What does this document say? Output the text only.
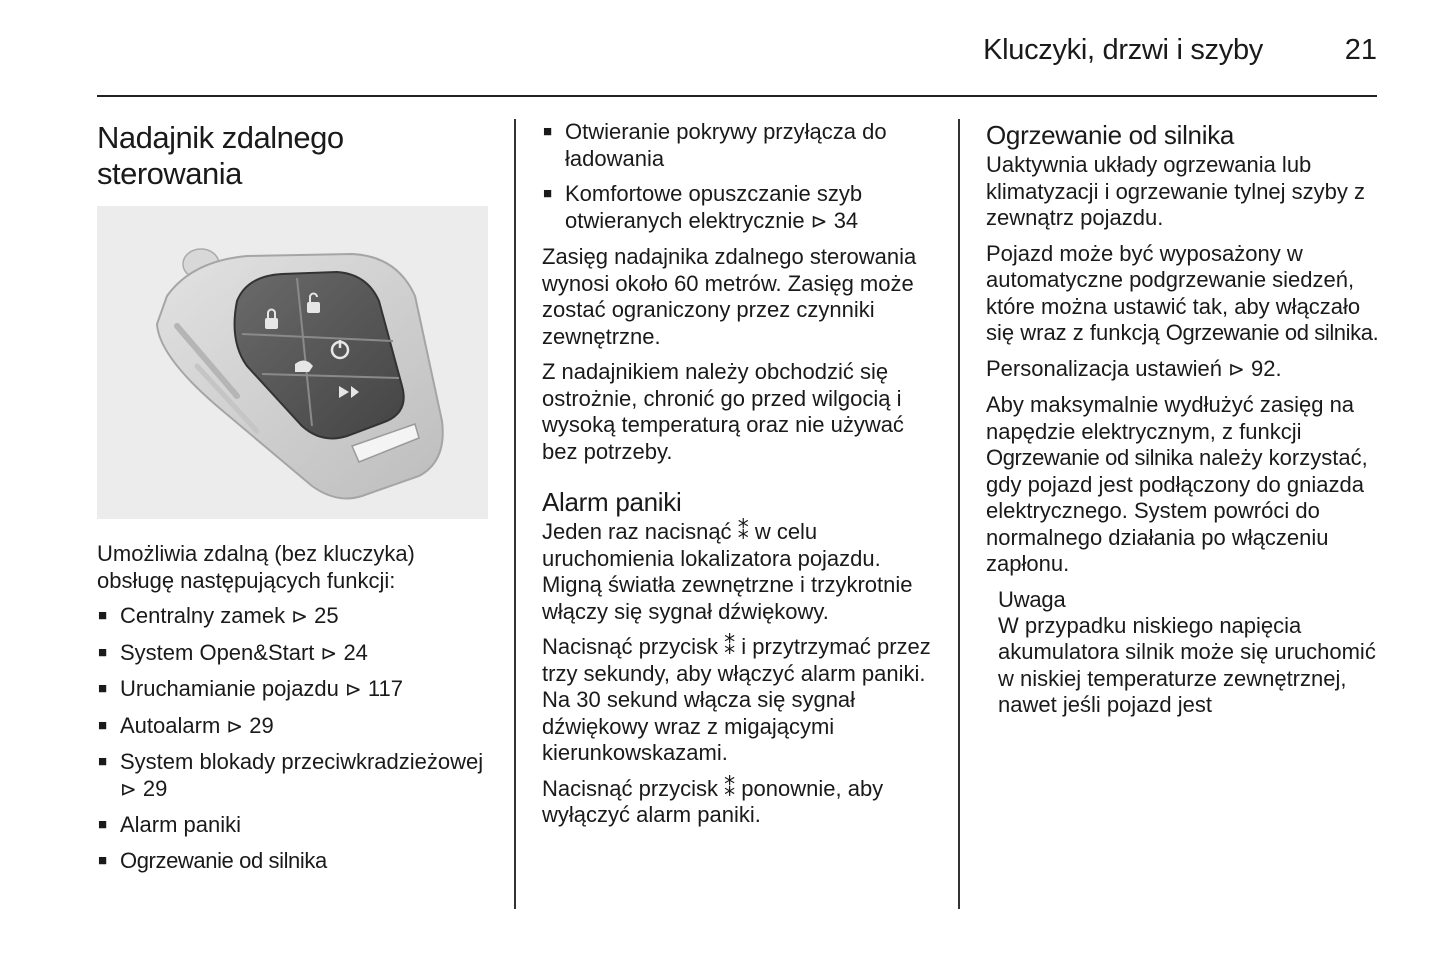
Kluczyki, drzwi i szyby	21
Nadajnik zdalnego
sterowania

Umożliwia zdalną (bez kluczyka) obsługę następujących funkcji:

■ Centralny zamek ⊳ 25
■ System Open&Start ⊳ 24
■ Uruchamianie pojazdu ⊳ 117
■ Autoalarm ⊳ 29
■ System blokady przeciwkradzieżowej ⊳ 29
■ Alarm paniki
■ Ogrzewanie od silnika
■ Otwieranie pokrywy przyłącza do ładowania
■ Komfortowe opuszczanie szyb otwieranych elektrycznie ⊳ 34

Zasięg nadajnika zdalnego sterowania wynosi około 60 metrów. Zasięg może zostać ograniczony przez czynniki zewnętrzne.

Z nadajnikiem należy obchodzić się ostrożnie, chronić go przed wilgocią i wysoką temperaturą oraz nie używać bez potrzeby.

Alarm paniki

Jeden raz nacisnąć ⁑ w celu uruchomienia lokalizatora pojazdu. Migną światła zewnętrzne i trzykrotnie włączy się sygnał dźwiękowy.

Nacisnąć przycisk ⁑ i przytrzymać przez trzy sekundy, aby włączyć alarm paniki. Na 30 sekund włącza się sygnał dźwiękowy wraz z migającymi kierunkowskazami.

Nacisnąć przycisk ⁑ ponownie, aby wyłączyć alarm paniki.

Ogrzewanie od silnika

Uaktywnia układy ogrzewania lub klimatyzacji i ogrzewanie tylnej szyby z zewnątrz pojazdu.

Pojazd może być wyposażony w automatyczne podgrzewanie siedzeń, które można ustawić tak, aby włączało się wraz z funkcją Ogrzewanie od silnika.

Personalizacja ustawień ⊳ 92.

Aby maksymalnie wydłużyć zasięg na napędzie elektrycznym, z funkcji Ogrzewanie od silnika należy korzystać, gdy pojazd jest podłączony do gniazda elektrycznego. System powróci do normalnego działania po włączeniu zapłonu.

Uwaga

W przypadku niskiego napięcia akumulatora silnik może się uruchomić w niskiej temperaturze zewnętrznej, nawet jeśli pojazd jest
